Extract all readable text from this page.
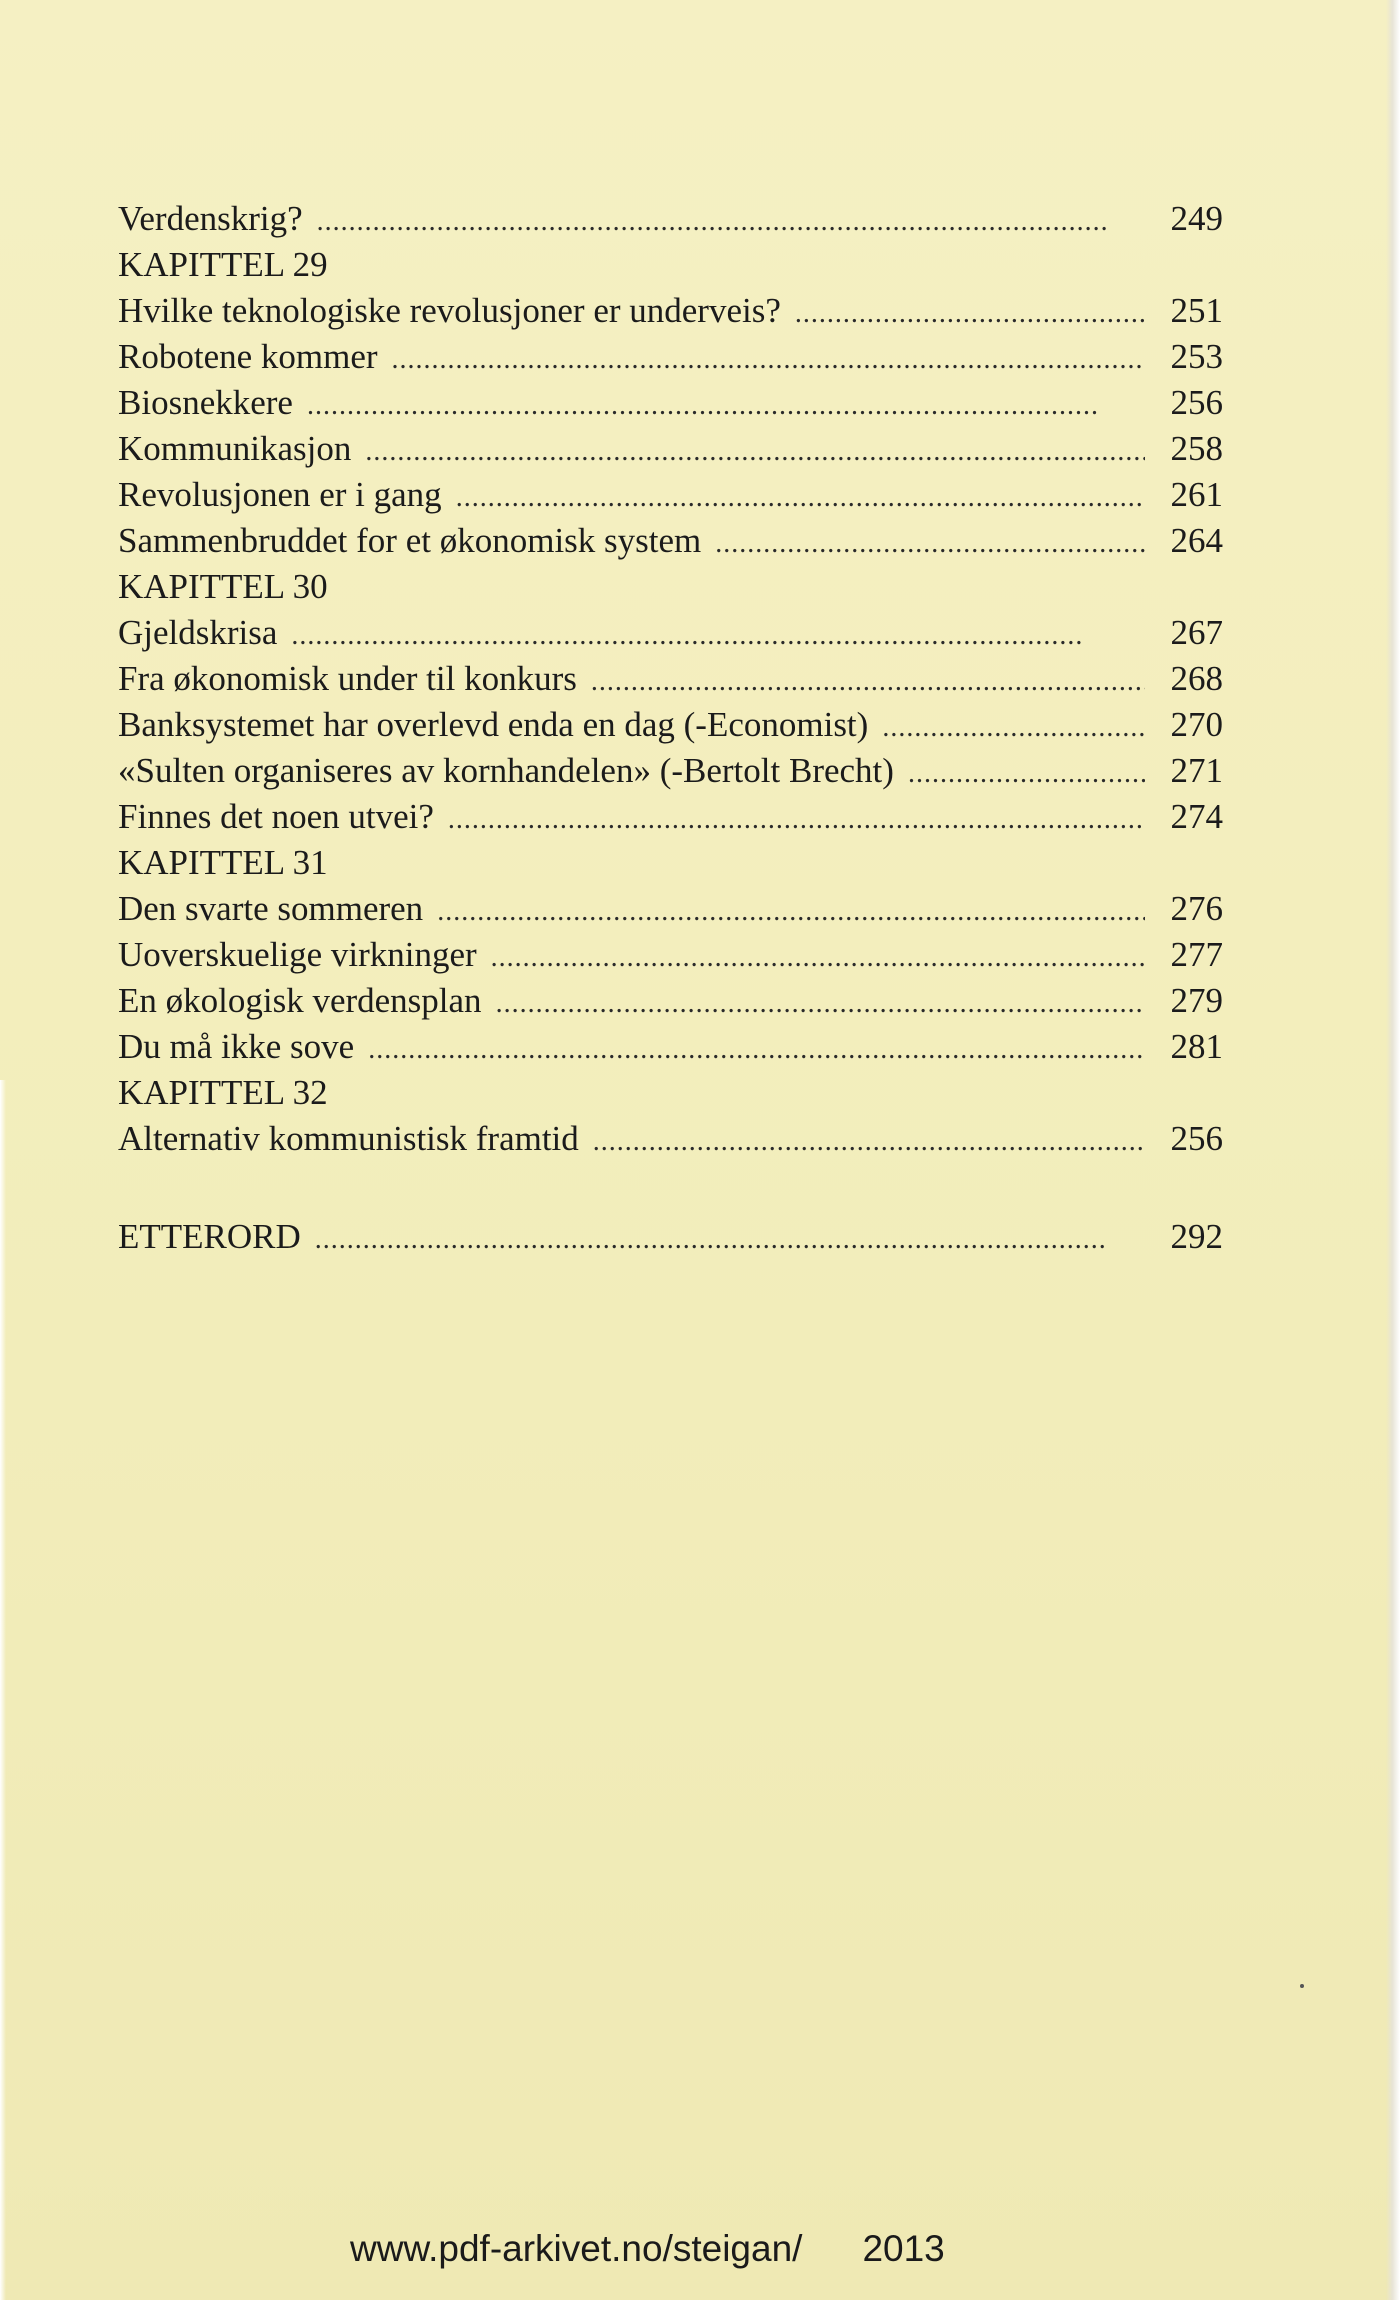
Verdenskrig? . . .	249
KAPITTEL 29
Hvilke teknologiske revolusjoner er underveis? . . .	251
Robotene kommer . . .	253
Biosnekkere . . .	256
Kommunikasjon . . .	258
Revolusjonen er i gang . . .	261
Sammenbruddet for et økonomisk system . . .	264
KAPITTEL 30
Gjeldskrisa . . .	267
Fra økonomisk under til konkurs . . .	268
Banksystemet har overlevd enda en dag (-Economist) . . .	270
«Sulten organiseres av kornhandelen» (-Bertolt Brecht) . . .	271
Finnes det noen utvei? . . .	274
KAPITTEL 31
Den svarte sommeren . . .	276
Uoverskuelige virkninger . . .	277
En økologisk verdensplan . . .	279
Du må ikke sove . . .	281
KAPITTEL 32
Alternativ kommunistisk framtid . . .	256
ETTERORD . . .	292
www.pdf-arkivet.no/steigan/ 2013
